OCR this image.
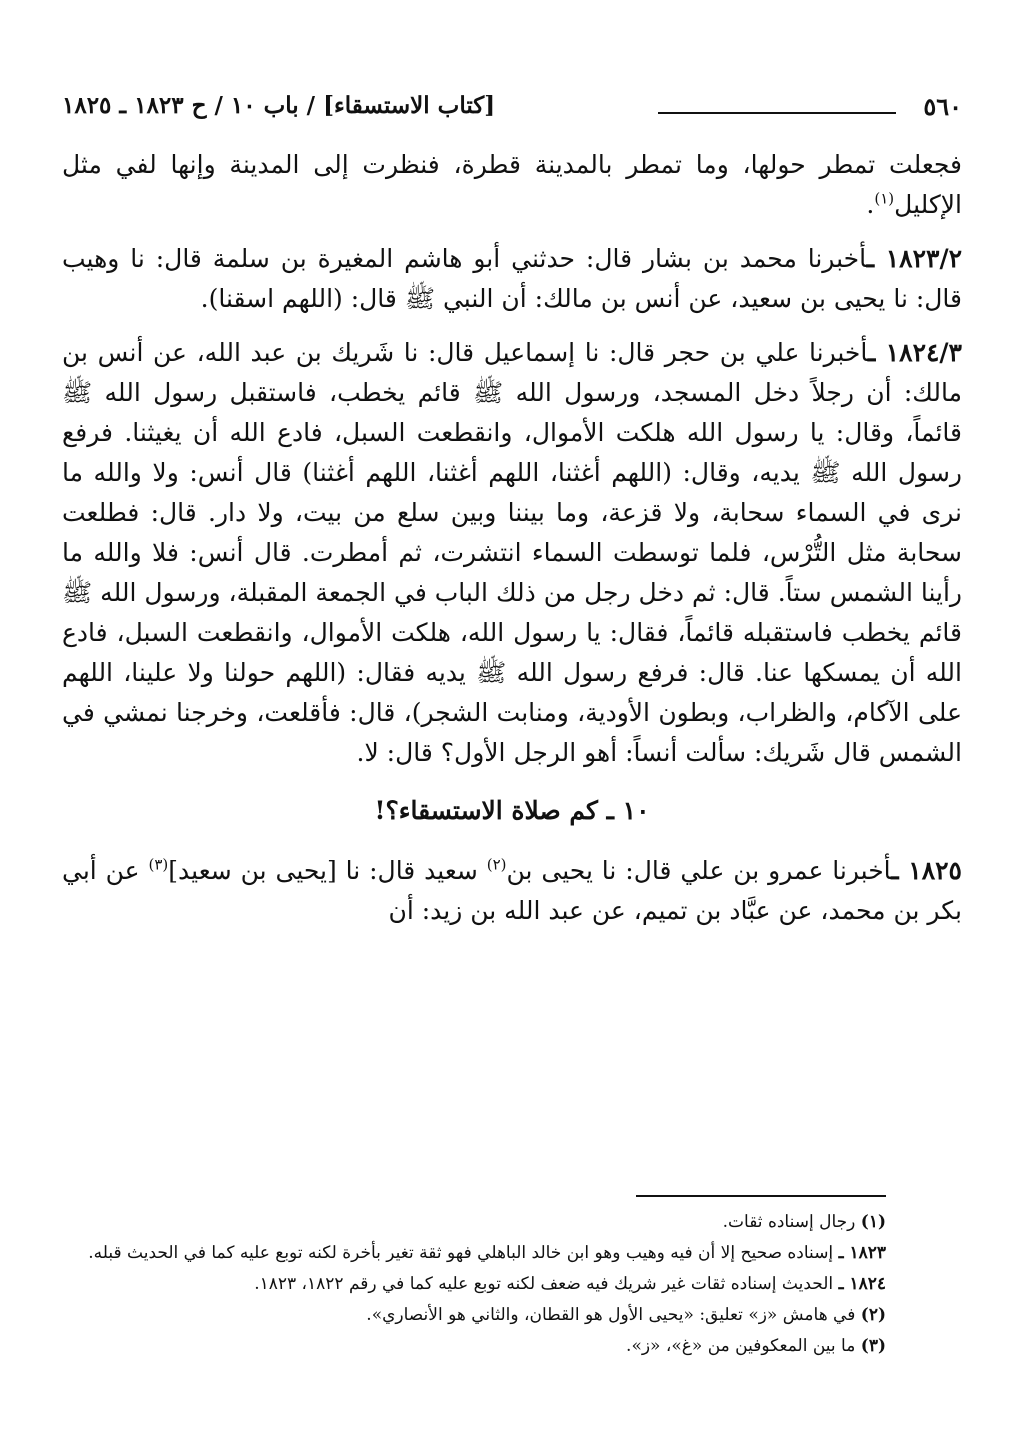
٥٦٠
[كتاب الاستسقاء] / باب ١٠ / ح ١٨٢٣ ـ ١٨٢٥

فجعلت تمطر حولها، وما تمطر بالمدينة قطرة، فنظرت إلى المدينة وإنها لفي مثل الإكليل$^{(١)}$.

١٨٢٣/٢ ـأخبرنا محمد بن بشار قال: حدثني أبو هاشم المغيرة بن سلمة قال: نا وهيب قال: نا يحيى بن سعيد، عن أنس بن مالك: أن النبي ﷺ قال: (اللهم اسقنا).

١٨٢٤/٣ ـأخبرنا علي بن حجر قال: نا إسماعيل قال: نا شَريك بن عبد الله، عن أنس بن مالك: أن رجلاً دخل المسجد، ورسول الله ﷺ قائم يخطب، فاستقبل رسول الله ﷺ قائماً، وقال: يا رسول الله هلكت الأموال، وانقطعت السبل، فادع الله أن يغيثنا. فرفع رسول الله ﷺ يديه، وقال: (اللهم أغثنا، اللهم أغثنا، اللهم أغثنا) قال أنس: ولا والله ما نرى في السماء سحابة، ولا قزعة، وما بيننا وبين سلع من بيت، ولا دار. قال: فطلعت سحابة مثل التُّرْس، فلما توسطت السماء انتشرت، ثم أمطرت. قال أنس: فلا والله ما رأينا الشمس ستاً. قال: ثم دخل رجل من ذلك الباب في الجمعة المقبلة، ورسول الله ﷺ قائم يخطب فاستقبله قائماً، فقال: يا رسول الله، هلكت الأموال، وانقطعت السبل، فادع الله أن يمسكها عنا. قال: فرفع رسول الله ﷺ يديه فقال: (اللهم حولنا ولا علينا، اللهم على الآكام، والظراب، وبطون الأودية، ومنابت الشجر)، قال: فأقلعت، وخرجنا نمشي في الشمس قال شَريك: سألت أنساً: أهو الرجل الأول؟ قال: لا.

١٠ ـ كم صلاة الاستسقاء؟!

١٨٢٥ ـأخبرنا عمرو بن علي قال: نا يحيى بن$^{(٢)}$ سعيد قال: نا [يحيى بن سعيد]$^{(٣)}$ عن أبي بكر بن محمد، عن عبَّاد بن تميم، عن عبد الله بن زيد: أن

(١) رجال إسناده ثقات.

١٨٢٣ ـ إسناده صحيح إلا أن فيه وهيب وهو ابن خالد الباهلي فهو ثقة تغير بأخرة لكنه توبع عليه كما في الحديث قبله.

١٨٢٤ ـ الحديث إسناده ثقات غير شريك فيه ضعف لكنه توبع عليه كما في رقم ١٨٢٢، ١٨٢٣.

(٢) في هامش «ز» تعليق: «يحيى الأول هو القطان، والثاني هو الأنصاري».

(٣) ما بين المعكوفين من «غ»، «ز».
